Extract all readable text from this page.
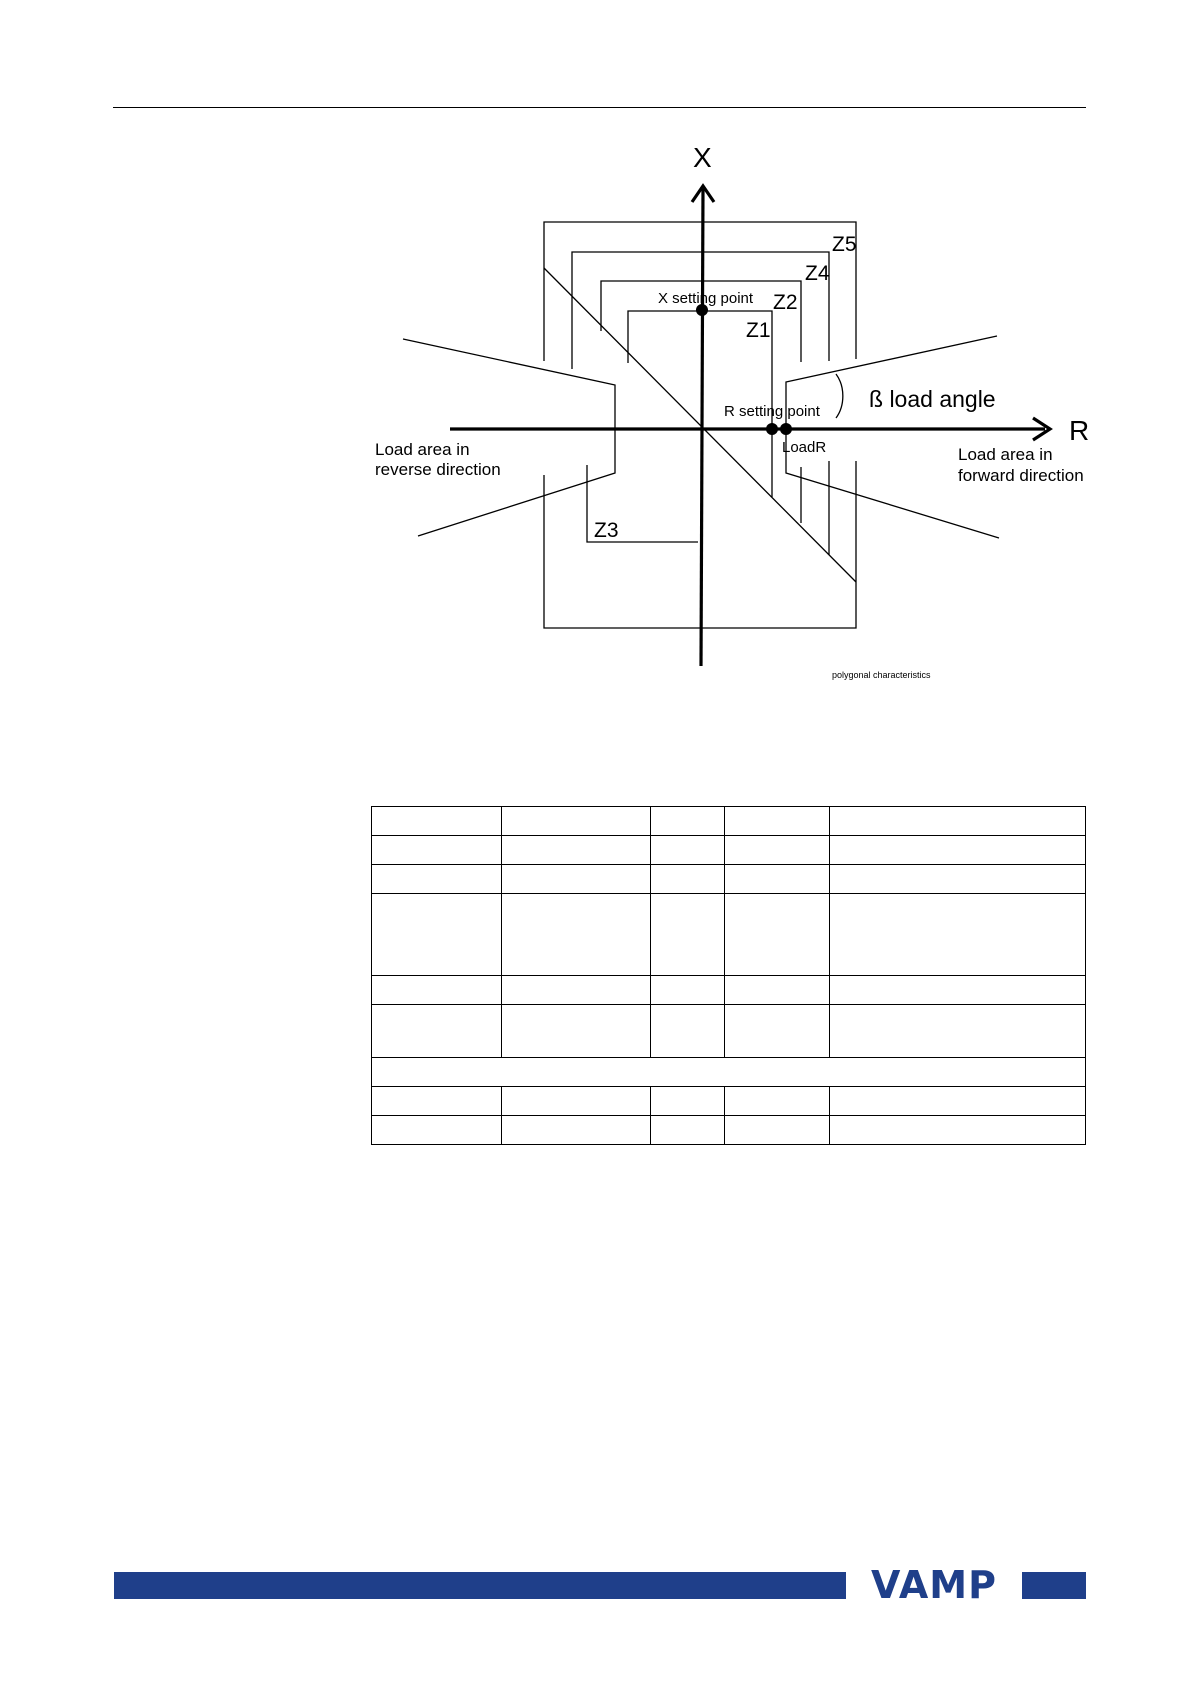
X
R
Z5
Z4
Z2
Z1
Z3
X setting point
R setting point
LoadR
ß load angle
Load area in
reverse direction
Load area in
forward direction
polygonal characteristics

VAMP
